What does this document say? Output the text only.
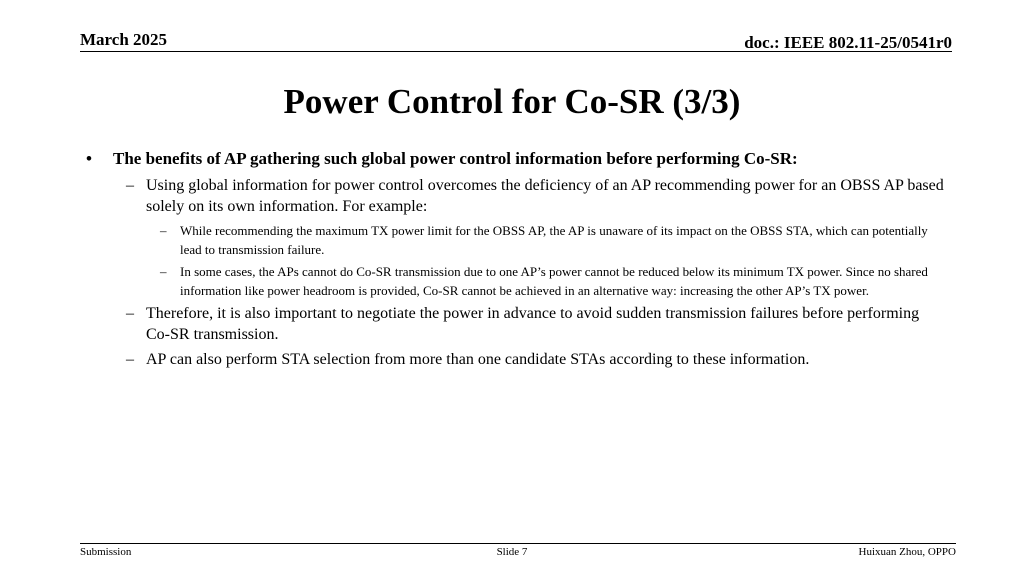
March 2025	doc.: IEEE 802.11-25/0541r0
Power Control for Co-SR (3/3)
• The benefits of AP gathering such global power control information before performing Co-SR:
– Using global information for power control overcomes the deficiency of an AP recommending power for an OBSS AP based solely on its own information. For example:
– While recommending the maximum TX power limit for the OBSS AP, the AP is unaware of its impact on the OBSS STA, which can potentially lead to transmission failure.
– In some cases, the APs cannot do Co-SR transmission due to one AP’s power cannot be reduced below its minimum TX power. Since no shared information like power headroom is provided, Co-SR cannot be achieved in an alternative way: increasing the other AP’s TX power.
– Therefore, it is also important to negotiate the power in advance to avoid sudden transmission failures before performing Co-SR transmission.
– AP can also perform STA selection from more than one candidate STAs according to these information.
Submission	Slide 7	Huixuan Zhou, OPPO
